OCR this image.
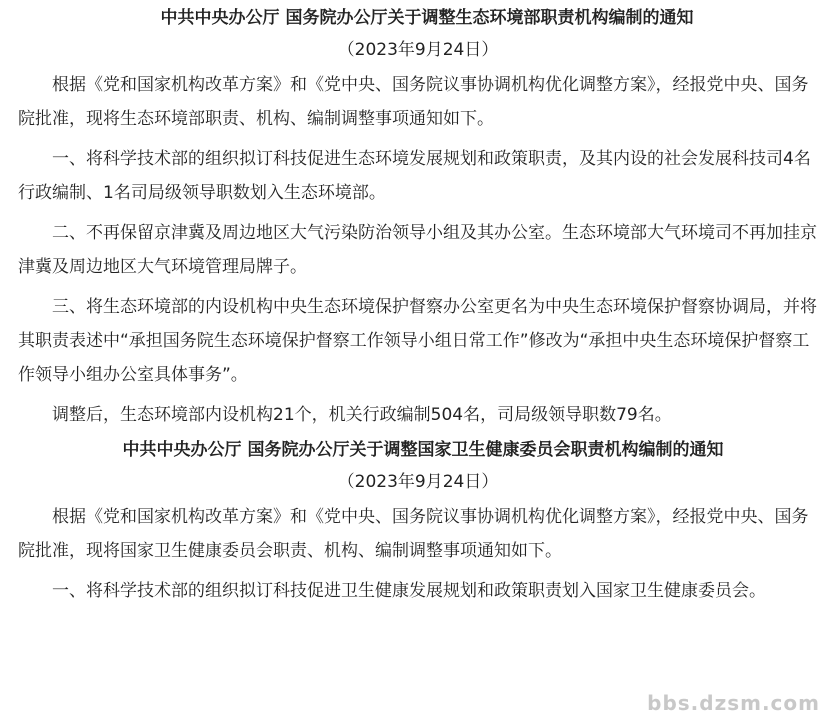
中共中央办公厅 国务院办公厅关于调整生态环境部职责机构编制的通知

（2023年9月24日）

根据《党和国家机构改革方案》和《党中央、国务院议事协调机构优化调整方案》，经报党中央、国务院批准，现将生态环境部职责、机构、编制调整事项通知如下。

一、将科学技术部的组织拟订科技促进生态环境发展规划和政策职责，及其内设的社会发展科技司4名行政编制、1名司局级领导职数划入生态环境部。

二、不再保留京津冀及周边地区大气污染防治领导小组及其办公室。生态环境部大气环境司不再加挂京津冀及周边地区大气环境管理局牌子。

三、将生态环境部的内设机构中央生态环境保护督察办公室更名为中央生态环境保护督察协调局，并将其职责表述中“承担国务院生态环境保护督察工作领导小组日常工作”修改为“承担中央生态环境保护督察工作领导小组办公室具体事务”。

调整后，生态环境部内设机构21个，机关行政编制504名，司局级领导职数79名。

中共中央办公厅 国务院办公厅关于调整国家卫生健康委员会职责机构编制的通知

（2023年9月24日）

根据《党和国家机构改革方案》和《党中央、国务院议事协调机构优化调整方案》，经报党中央、国务院批准，现将国家卫生健康委员会职责、机构、编制调整事项通知如下。

一、将科学技术部的组织拟订科技促进卫生健康发展规划和政策职责划入国家卫生健康委员会。

bbs.dzsm.com
